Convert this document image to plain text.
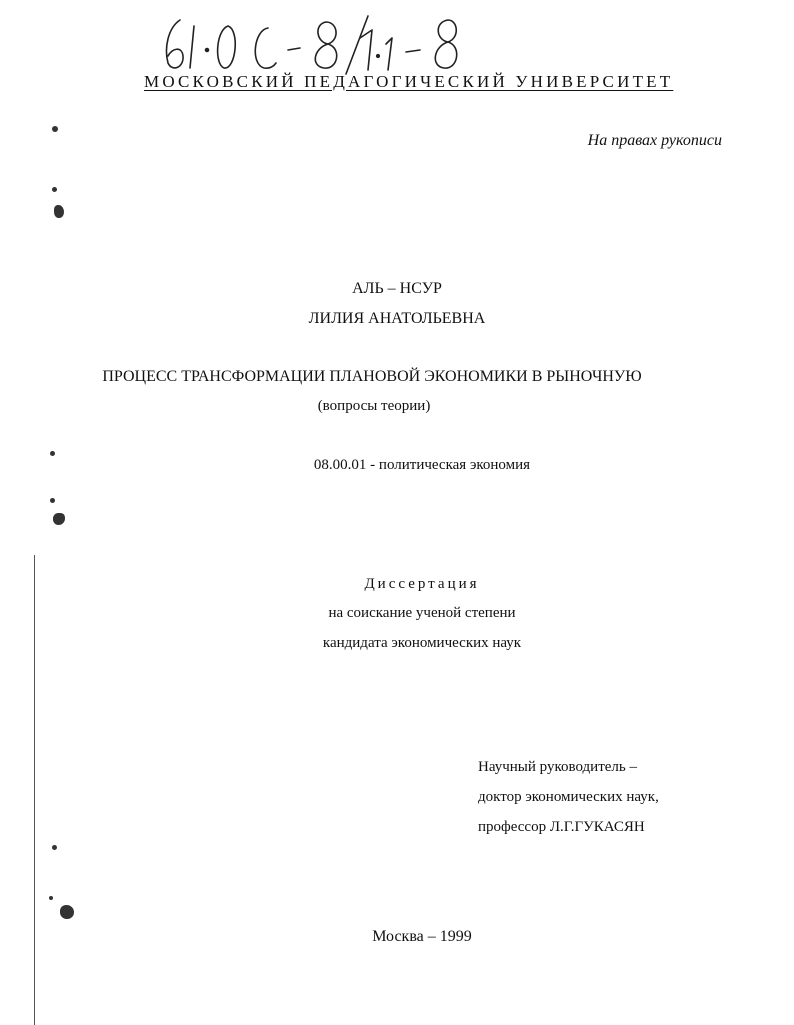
МОСКОВСКИЙ ПЕДАГОГИЧЕСКИЙ УНИВЕРСИТЕТ
На правах рукописи
АЛЬ – НСУР
ЛИЛИЯ АНАТОЛЬЕВНА
ПРОЦЕСС ТРАНСФОРМАЦИИ ПЛАНОВОЙ ЭКОНОМИКИ В РЫНОЧНУЮ
(вопросы теории)
08.00.01 - политическая экономия
Диссертация
на соискание ученой степени
кандидата экономических наук
Научный руководитель –
доктор экономических наук,
профессор Л.Г.ГУКАСЯН
Москва – 1999
